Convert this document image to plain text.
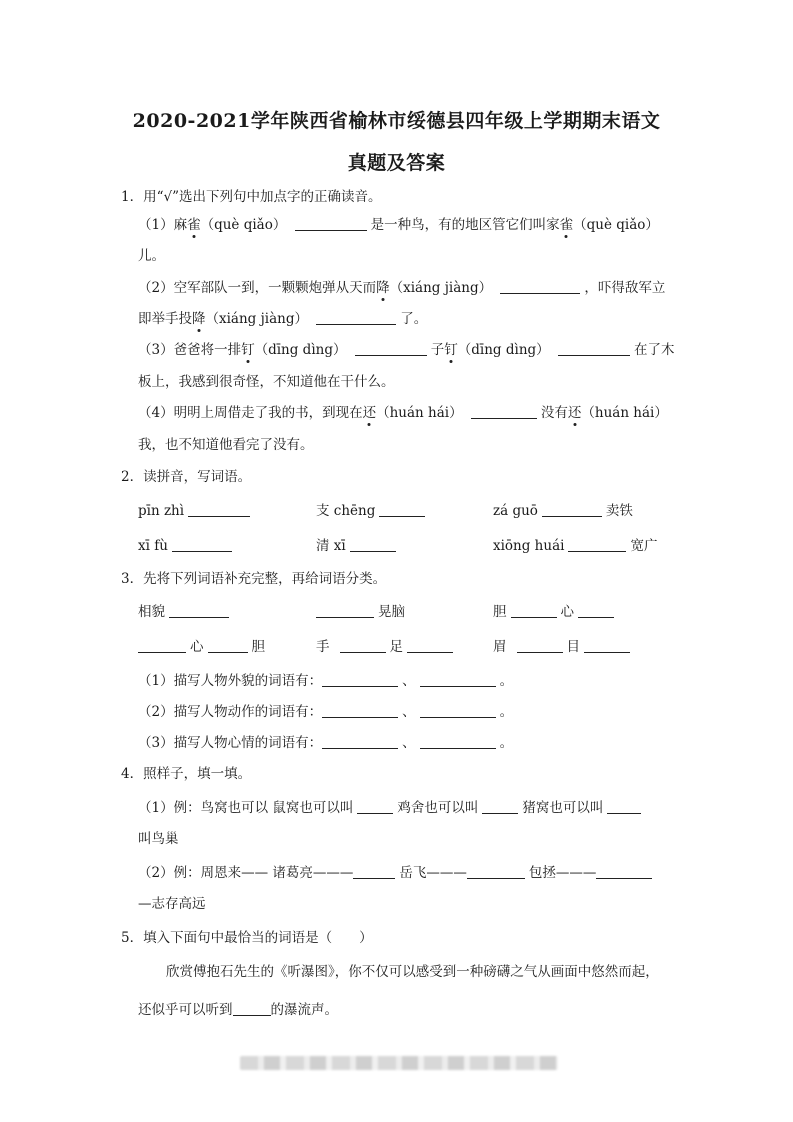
2020-2021学年陕西省榆林市绥德县四年级上学期期末语文
真题及答案
1．用“√”选出下列句中加点字的正确读音。
（1）麻雀（què qiǎo）	是一种鸟，有的地区管它们叫家雀（què qiǎo）
儿。
（2）空军部队一到，一颗颗炮弹从天而降（xiáng jiàng）	，吓得敌军立
即举手投降（xiáng jiàng）	了。
（3）爸爸将一排钉（dīng dìng）	子钉（dīng dìng）	在了木
板上，我感到很奇怪，不知道他在干什么。
（4）明明上周借走了我的书，到现在还（huán hái）	没有还（huán hái）
我，也不知道他看完了没有。
2．读拼音，写词语。
pīn zhì	支 chēng	zá guō	卖铁
xī fù	清 xī	xiōng huái	宽广
3．先将下列词语补充完整，再给词语分类。
相貌	晃脑	胆	心
心	胆	手	足	眉	目
（1）描写人物外貌的词语有：	、	。
（2）描写人物动作的词语有：	、	。
（3）描写人物心情的词语有：	、	。
4．照样子，填一填。
（1）例：鸟窝也可以 鼠窝也可以叫	鸡舍也可以叫	猪窝也可以叫
叫鸟巢
（2）例：周恩来—— 诸葛亮———	岳飞———	包拯———
—志存高远
5．填入下面句中最恰当的词语是（　　）
欣赏傅抱石先生的《听瀑图》，你不仅可以感受到一种磅礴之气从画面中悠然而起，
还似乎可以听到	的瀑流声。
